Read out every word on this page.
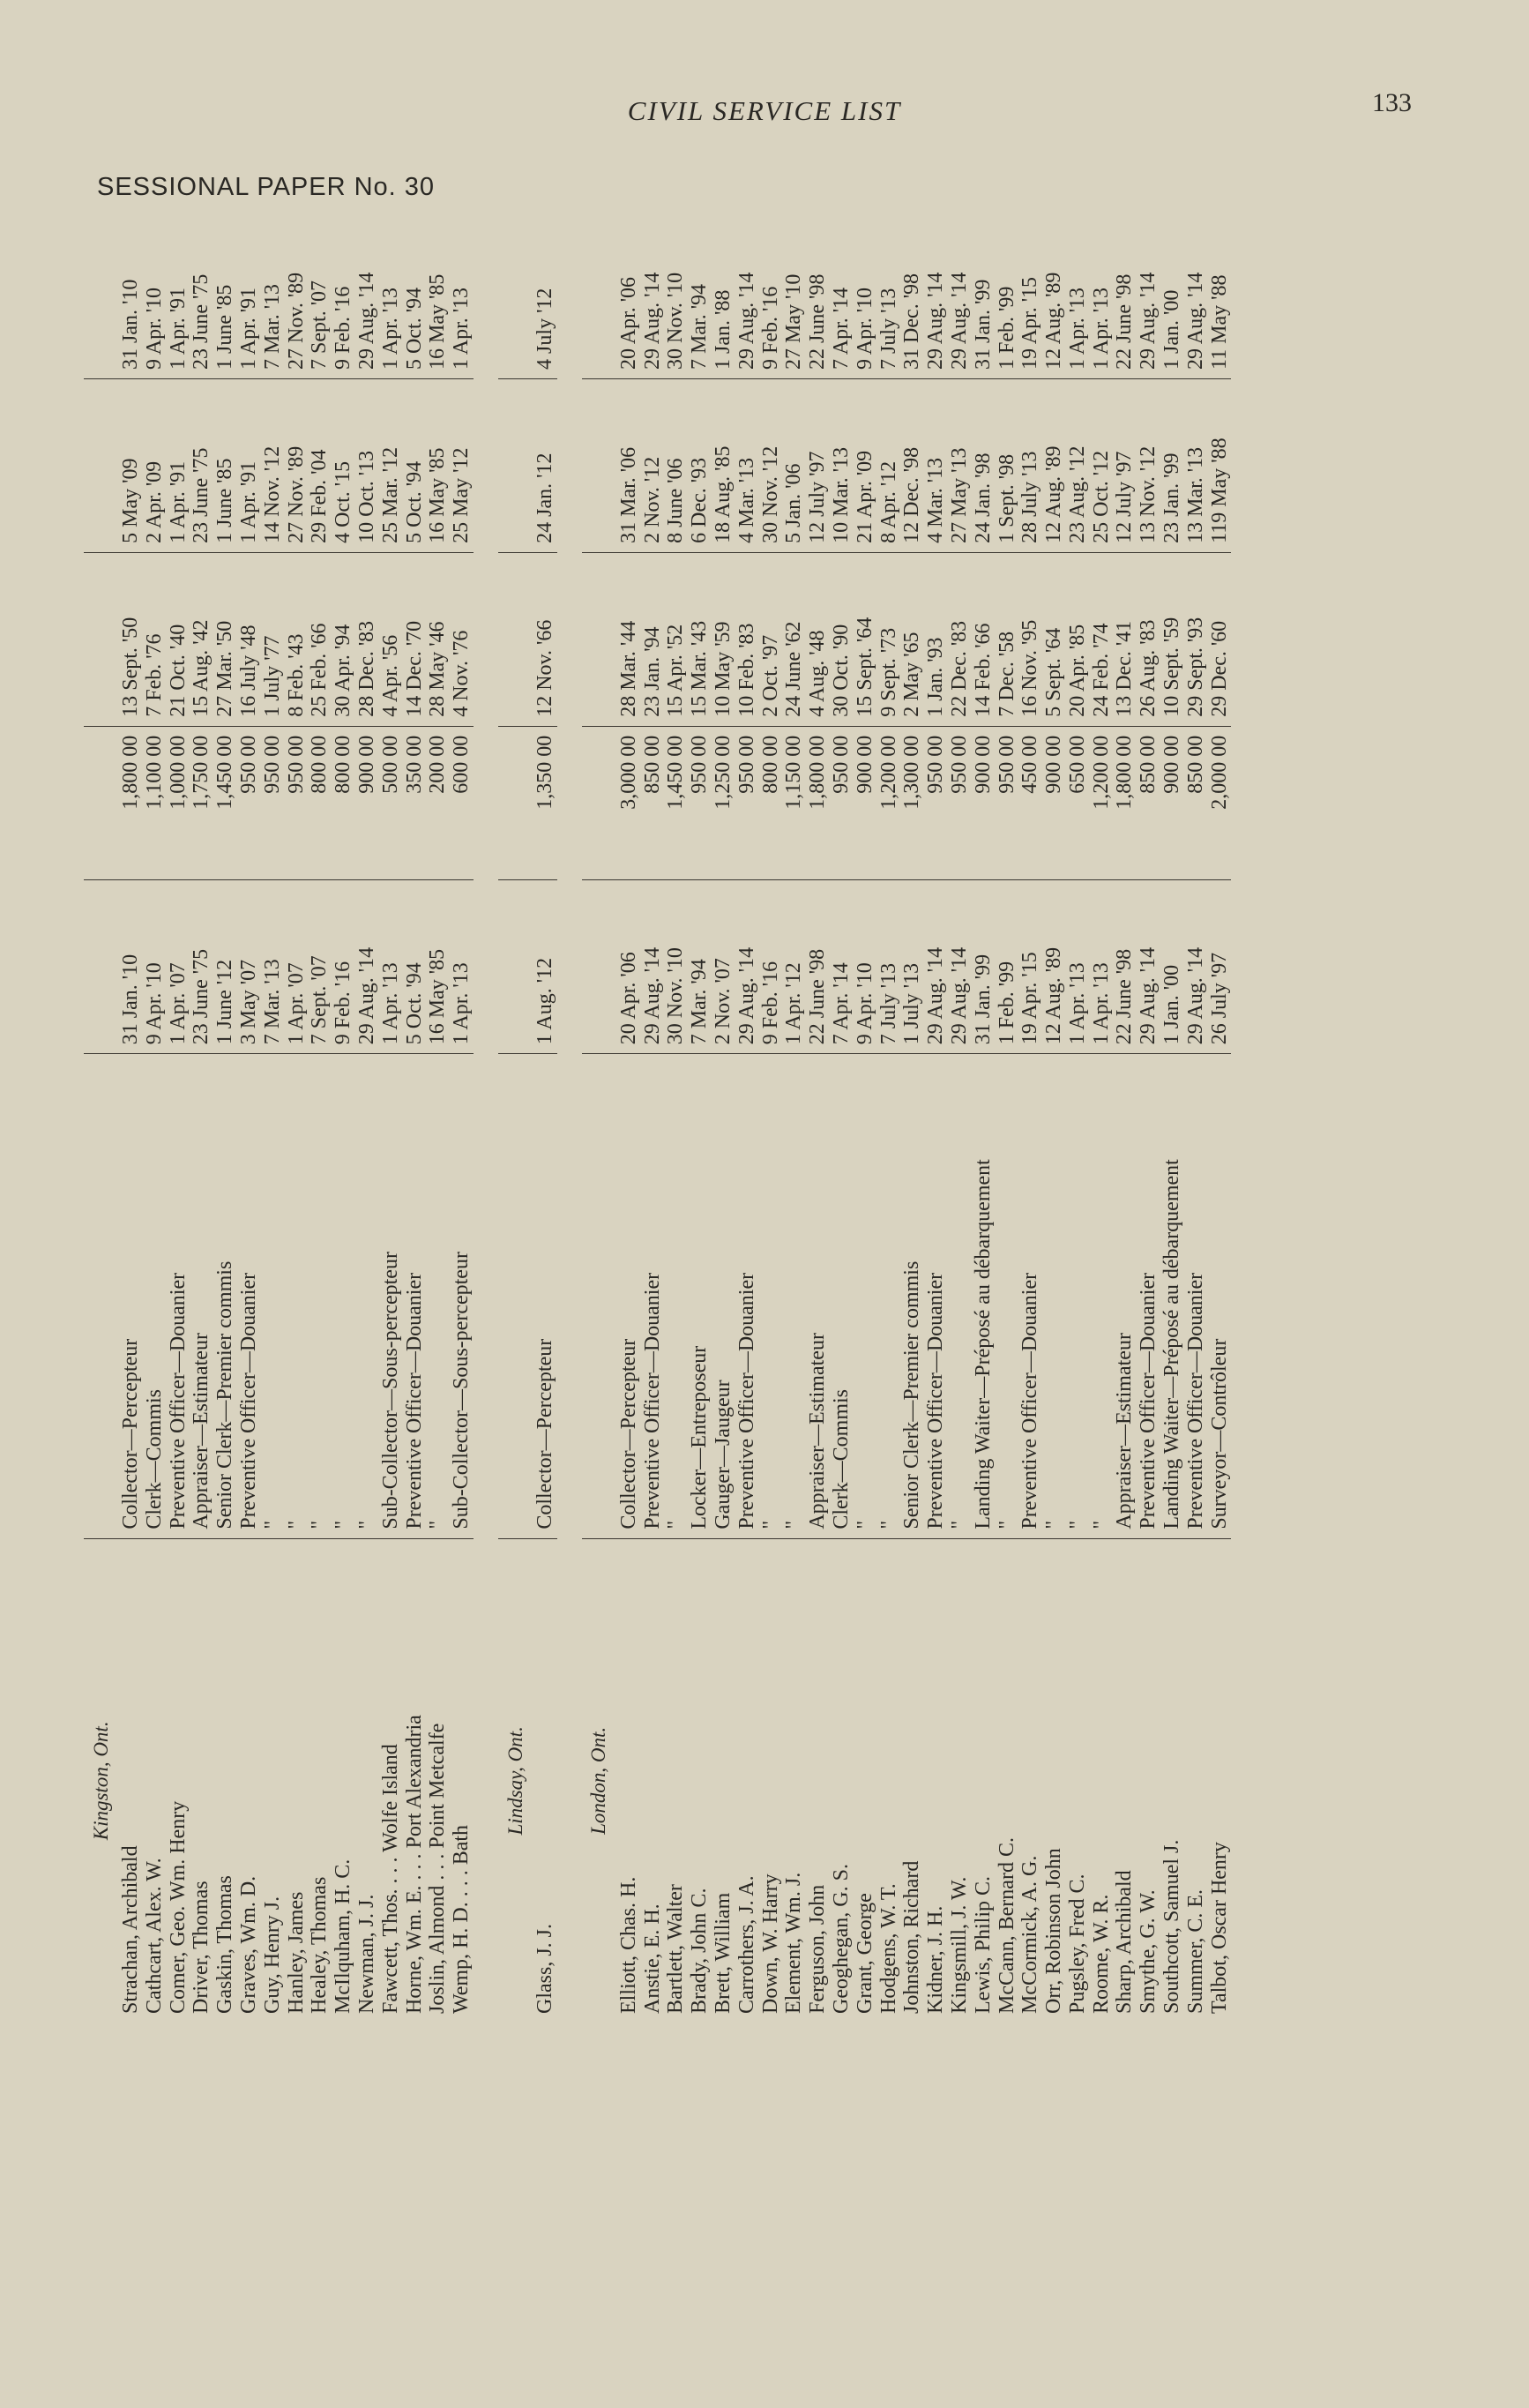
CIVIL SERVICE LIST	133
SESSIONAL PAPER No. 30
Kingston, Ont.						

Strachan, Archibald	Collector—Percepteur	31 Jan. '10	1,800 00	13 Sept. '50	5 May '09	31 Jan. '10
Cathcart, Alex. W.	Clerk—Commis	9 Apr. '10	1,100 00	7 Feb. '76	2 Apr. '09	9 Apr. '10
Comer, Geo. Wm. Henry	Preventive Officer—Douanier	1 Apr. '07	1,000 00	21 Oct. '40	1 Apr. '91	1 Apr. '91
Driver, Thomas	Appraiser—Estimateur	23 June '75	1,750 00	15 Aug. '42	23 June '75	23 June '75
Gaskin, Thomas	Senior Clerk—Premier commis	1 June '12	1,450 00	27 Mar. '50	1 June '85	1 June '85
Graves, Wm. D.	Preventive Officer—Douanier	3 May '07	950 00	16 July '48	1 Apr. '91	1 Apr. '91
Guy, Henry J.	"	7 Mar. '13	950 00	1 July '77	14 Nov. '12	7 Mar. '13
Hanley, James	"	1 Apr. '07	950 00	8 Feb. '43	27 Nov. '89	27 Nov. '89
Healey, Thomas	"	7 Sept. '07	800 00	25 Feb. '66	29 Feb. '04	7 Sept. '07
McIlquham, H. C.	"	9 Feb. '16	800 00	30 Apr. '94	4 Oct. '15	9 Feb. '16
Newman, J. J.	"	29 Aug. '14	900 00	28 Dec. '83	10 Oct. '13	29 Aug. '14
Fawcett, Thos. . . . Wolfe Island	Sub-Collector—Sous-percepteur	1 Apr. '13	500 00	4 Apr. '56	25 Mar. '12	1 Apr. '13
Horne, Wm. E. . . . Port Alexandria	Preventive Officer—Douanier	5 Oct. '94	350 00	14 Dec. '70	5 Oct. '94	5 Oct. '94
Joslin, Almond . . . Point Metcalfe	"	16 May '85	200 00	28 May '46	16 May '85	16 May '85
Wemp, H. D. . . . Bath	Sub-Collector—Sous-percepteur	1 Apr. '13	600 00	4 Nov. '76	25 May '12	1 Apr. '13

Lindsay, Ont.						

Glass, J. J.	Collector—Percepteur	1 Aug. '12	1,350 00	12 Nov. '66	24 Jan. '12	4 July '12

London, Ont.						

Elliott, Chas. H.	Collector—Percepteur	20 Apr. '06	3,000 00	28 Mar. '44	31 Mar. '06	20 Apr. '06
Anstie, E. H.	Preventive Officer—Douanier	29 Aug. '14	850 00	23 Jan. '94	2 Nov. '12	29 Aug. '14
Bartlett, Walter	"	30 Nov. '10	1,450 00	15 Apr. '52	8 June '06	30 Nov. '10
Brady, John C.	Locker—Entreposeur	7 Mar. '94	950 00	15 Mar. '43	6 Dec. '93	7 Mar. '94
Brett, William	Gauger—Jaugeur	2 Nov. '07	1,250 00	10 May '59	18 Aug. '85	1 Jan. '88
Carrothers, J. A.	Preventive Officer—Douanier	29 Aug. '14	950 00	10 Feb. '83	4 Mar. '13	29 Aug. '14
Down, W. Harry	"	9 Feb. '16	800 00	2 Oct. '97	30 Nov. '12	9 Feb. '16
Element, Wm. J.	"	1 Apr. '12	1,150 00	24 June '62	5 Jan. '06	27 May '10
Ferguson, John	Appraiser—Estimateur	22 June '98	1,800 00	4 Aug. '48	12 July '97	22 June '98
Geoghegan, G. S.	Clerk—Commis	7 Apr. '14	950 00	30 Oct. '90	10 Mar. '13	7 Apr. '14
Grant, George	"	9 Apr. '10	900 00	15 Sept. '64	21 Apr. '09	9 Apr. '10
Hodgens, W. T.	"	7 July '13	1,200 00	9 Sept. '73	8 Apr. '12	7 July '13
Johnston, Richard	Senior Clerk—Premier commis	1 July '13	1,300 00	2 May '65	12 Dec. '98	31 Dec. '98
Kidner, J. H.	Preventive Officer—Douanier	29 Aug. '14	950 00	1 Jan. '93	4 Mar. '13	29 Aug. '14
Kingsmill, J. W.	"	29 Aug. '14	950 00	22 Dec. '83	27 May '13	29 Aug. '14
Lewis, Philip C.	Landing Waiter—Préposé au débarquement	31 Jan. '99	900 00	14 Feb. '66	24 Jan. '98	31 Jan. '99
McCann, Bernard C.	"	1 Feb. '99	950 00	7 Dec. '58	1 Sept. '98	1 Feb. '99
McCormick, A. G.	Preventive Officer—Douanier	19 Apr. '15	450 00	16 Nov. '95	28 July '13	19 Apr. '15
Orr, Robinson John	"	12 Aug. '89	900 00	5 Sept. '64	12 Aug. '89	12 Aug. '89
Pugsley, Fred C.	"	1 Apr. '13	650 00	20 Apr. '85	23 Aug. '12	1 Apr. '13
Roome, W. R.	"	1 Apr. '13	1,200 00	24 Feb. '74	25 Oct. '12	1 Apr. '13
Sharp, Archibald	Appraiser—Estimateur	22 June '98	1,800 00	13 Dec. '41	12 July '97	22 June '98
Smythe, G. W.	Preventive Officer—Douanier	29 Aug. '14	850 00	26 Aug. '83	13 Nov. '12	29 Aug. '14
Southcott, Samuel J.	Landing Waiter—Préposé au débarquement	1 Jan. '00	900 00	10 Sept. '59	23 Jan. '99	1 Jan. '00
Summer, C. E.	Preventive Officer—Douanier	29 Aug. '14	850 00	29 Sept. '93	13 Mar. '13	29 Aug. '14
Talbot, Oscar Henry	Surveyor—Contrôleur	26 July '97	2,000 00	29 Dec. '60	119 May '88	11 May '88
